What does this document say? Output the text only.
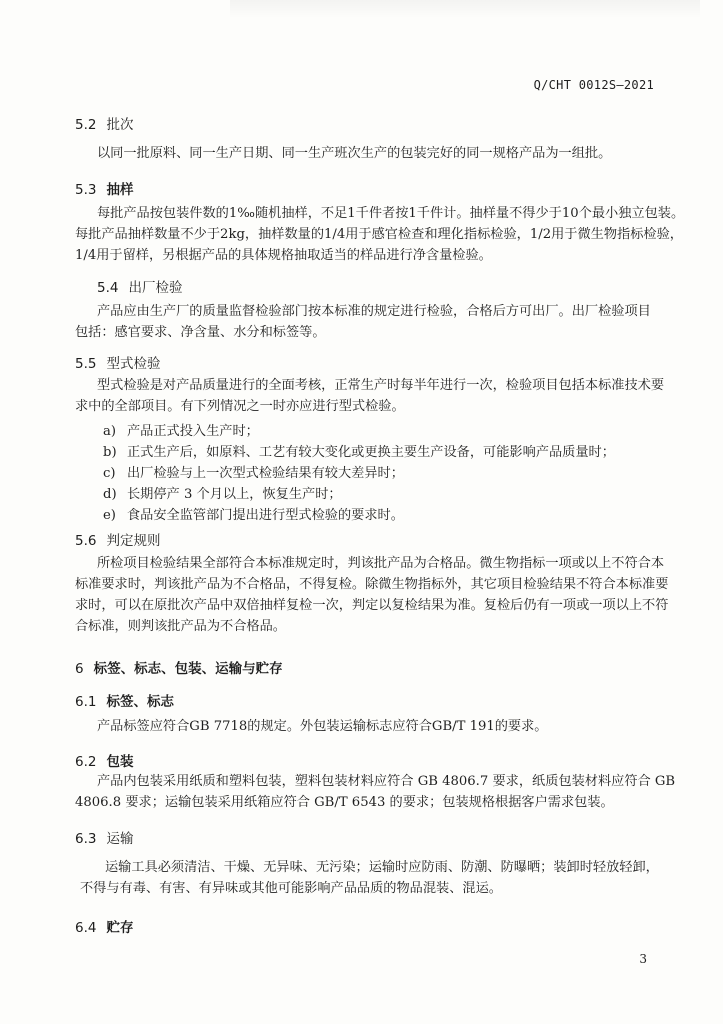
Q/CHT 0012S—2021
5.2 批次
以同一批原料、同一生产日期、同一生产班次生产的包装完好的同一规格产品为一组批。
5.3 抽样
每批产品按包装件数的1‰随机抽样，不足1千件者按1千件计。抽样量不得少于10个最小独立包装。
每批产品抽样数量不少于2kg，抽样数量的1/4用于感官检查和理化指标检验，1/2用于微生物指标检验，
1/4用于留样，另根据产品的具体规格抽取适当的样品进行净含量检验。
5.4 出厂检验
产品应由生产厂的质量监督检验部门按本标准的规定进行检验，合格后方可出厂。出厂检验项目
包括：感官要求、净含量、水分和标签等。
5.5 型式检验
型式检验是对产品质量进行的全面考核，正常生产时每半年进行一次，检验项目包括本标准技术要
求中的全部项目。有下列情况之一时亦应进行型式检验。
a) 产品正式投入生产时；
b) 正式生产后，如原料、工艺有较大变化或更换主要生产设备，可能影响产品质量时；
c) 出厂检验与上一次型式检验结果有较大差异时；
d) 长期停产 3 个月以上，恢复生产时；
e) 食品安全监管部门提出进行型式检验的要求时。
5.6 判定规则
所检项目检验结果全部符合本标准规定时，判该批产品为合格品。微生物指标一项或以上不符合本
标准要求时，判该批产品为不合格品，不得复检。除微生物指标外，其它项目检验结果不符合本标准要
求时，可以在原批次产品中双倍抽样复检一次，判定以复检结果为准。复检后仍有一项或一项以上不符
合标准，则判该批产品为不合格品。
6 标签、标志、包装、运输与贮存
6.1 标签、标志
产品标签应符合GB 7718的规定。外包装运输标志应符合GB/T 191的要求。
6.2 包装
产品内包装采用纸质和塑料包装，塑料包装材料应符合 GB 4806.7 要求，纸质包装材料应符合 GB
4806.8 要求；运输包装采用纸箱应符合 GB/T 6543 的要求；包装规格根据客户需求包装。
6.3 运输
运输工具必须清洁、干燥、无异味、无污染；运输时应防雨、防潮、防曝晒；装卸时轻放轻卸，
不得与有毒、有害、有异味或其他可能影响产品品质的物品混装、混运。
6.4 贮存
3
